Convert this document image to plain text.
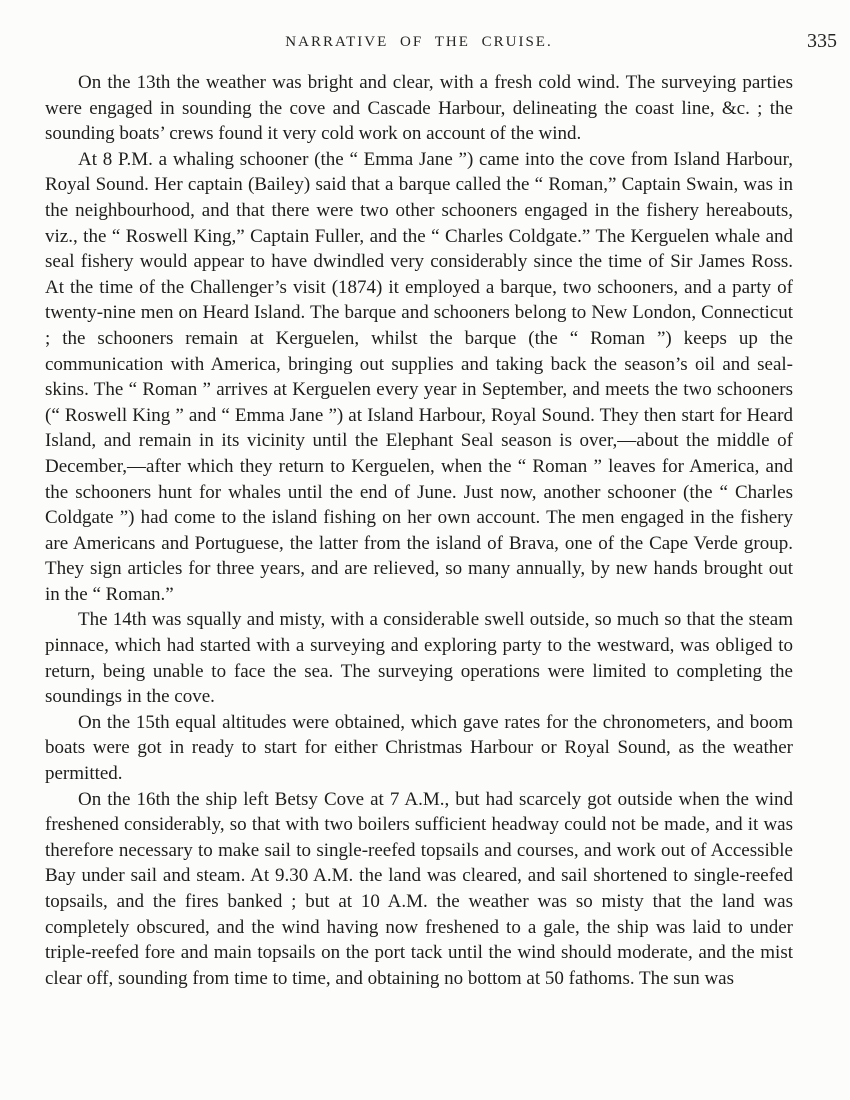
NARRATIVE OF THE CRUISE.	335

On the 13th the weather was bright and clear, with a fresh cold wind. The surveying parties were engaged in sounding the cove and Cascade Harbour, delineating the coast line, &c. ; the sounding boats’ crews found it very cold work on account of the wind.

At 8 P.M. a whaling schooner (the “ Emma Jane ”) came into the cove from Island Harbour, Royal Sound. Her captain (Bailey) said that a barque called the “ Roman,” Captain Swain, was in the neighbourhood, and that there were two other schooners engaged in the fishery hereabouts, viz., the “ Roswell King,” Captain Fuller, and the “ Charles Coldgate.” The Kerguelen whale and seal fishery would appear to have dwindled very considerably since the time of Sir James Ross. At the time of the Challenger’s visit (1874) it employed a barque, two schooners, and a party of twenty-nine men on Heard Island. The barque and schooners belong to New London, Connecticut ; the schooners remain at Kerguelen, whilst the barque (the “ Roman ”) keeps up the communication with America, bringing out supplies and taking back the season’s oil and seal-skins. The “ Roman ” arrives at Kerguelen every year in September, and meets the two schooners (“ Roswell King ” and “ Emma Jane ”) at Island Harbour, Royal Sound. They then start for Heard Island, and remain in its vicinity until the Elephant Seal season is over,—about the middle of December,—after which they return to Kerguelen, when the “ Roman ” leaves for America, and the schooners hunt for whales until the end of June. Just now, another schooner (the “ Charles Coldgate ”) had come to the island fishing on her own account. The men engaged in the fishery are Americans and Portuguese, the latter from the island of Brava, one of the Cape Verde group. They sign articles for three years, and are relieved, so many annually, by new hands brought out in the “ Roman.”

The 14th was squally and misty, with a considerable swell outside, so much so that the steam pinnace, which had started with a surveying and exploring party to the westward, was obliged to return, being unable to face the sea. The surveying operations were limited to completing the soundings in the cove.

On the 15th equal altitudes were obtained, which gave rates for the chronometers, and boom boats were got in ready to start for either Christmas Harbour or Royal Sound, as the weather permitted.

On the 16th the ship left Betsy Cove at 7 A.M., but had scarcely got outside when the wind freshened considerably, so that with two boilers sufficient headway could not be made, and it was therefore necessary to make sail to single-reefed topsails and courses, and work out of Accessible Bay under sail and steam. At 9.30 A.M. the land was cleared, and sail shortened to single-reefed topsails, and the fires banked ; but at 10 A.M. the weather was so misty that the land was completely obscured, and the wind having now freshened to a gale, the ship was laid to under triple-reefed fore and main topsails on the port tack until the wind should moderate, and the mist clear off, sounding from time to time, and obtaining no bottom at 50 fathoms. The sun was
